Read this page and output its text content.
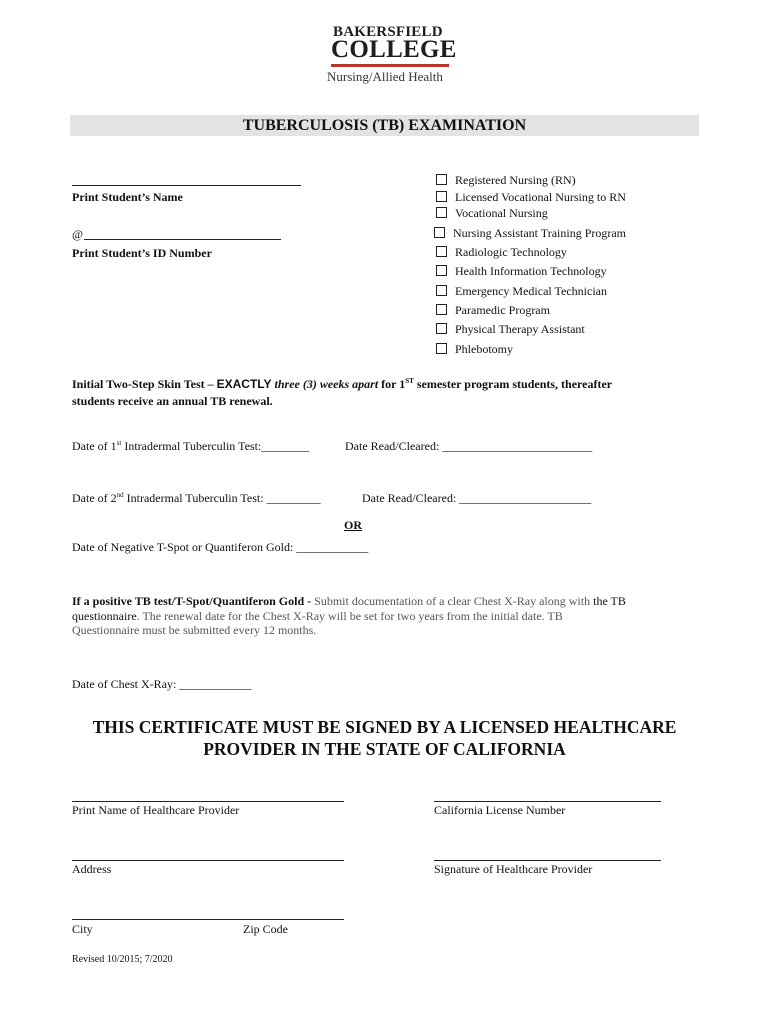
BAKERSFIELD
COLLEGE
Nursing/Allied Health
TUBERCULOSIS (TB) EXAMINATION
Print Student’s Name
@
Print Student’s ID Number
Registered Nursing (RN)
Licensed Vocational Nursing to RN
Vocational Nursing
Nursing Assistant Training Program
Radiologic Technology
Health Information Technology
Emergency Medical Technician
Paramedic Program
Physical Therapy Assistant
Phlebotomy
Initial Two-Step Skin Test – EXACTLY three (3) weeks apart for 1ST semester program students, thereafter
students receive an annual TB renewal.
Date of 1st Intradermal Tuberculin Test:________	Date Read/Cleared: _________________________
Date of 2nd Intradermal Tuberculin Test: _________	Date Read/Cleared: ______________________
OR
Date of Negative T-Spot or Quantiferon Gold: ____________
If a positive TB test/T-Spot/Quantiferon Gold - Submit documentation of a clear Chest X-Ray along with the TB
questionnaire. The renewal date for the Chest X-Ray will be set for two years from the initial date. TB
Questionnaire must be submitted every 12 months.
Date of Chest X-Ray: ____________
THIS CERTIFICATE MUST BE SIGNED BY A LICENSED HEALTHCARE
PROVIDER IN THE STATE OF CALIFORNIA
Print Name of Healthcare Provider	California License Number
Address	Signature of Healthcare Provider
City	Zip Code
Revised 10/2015; 7/2020
